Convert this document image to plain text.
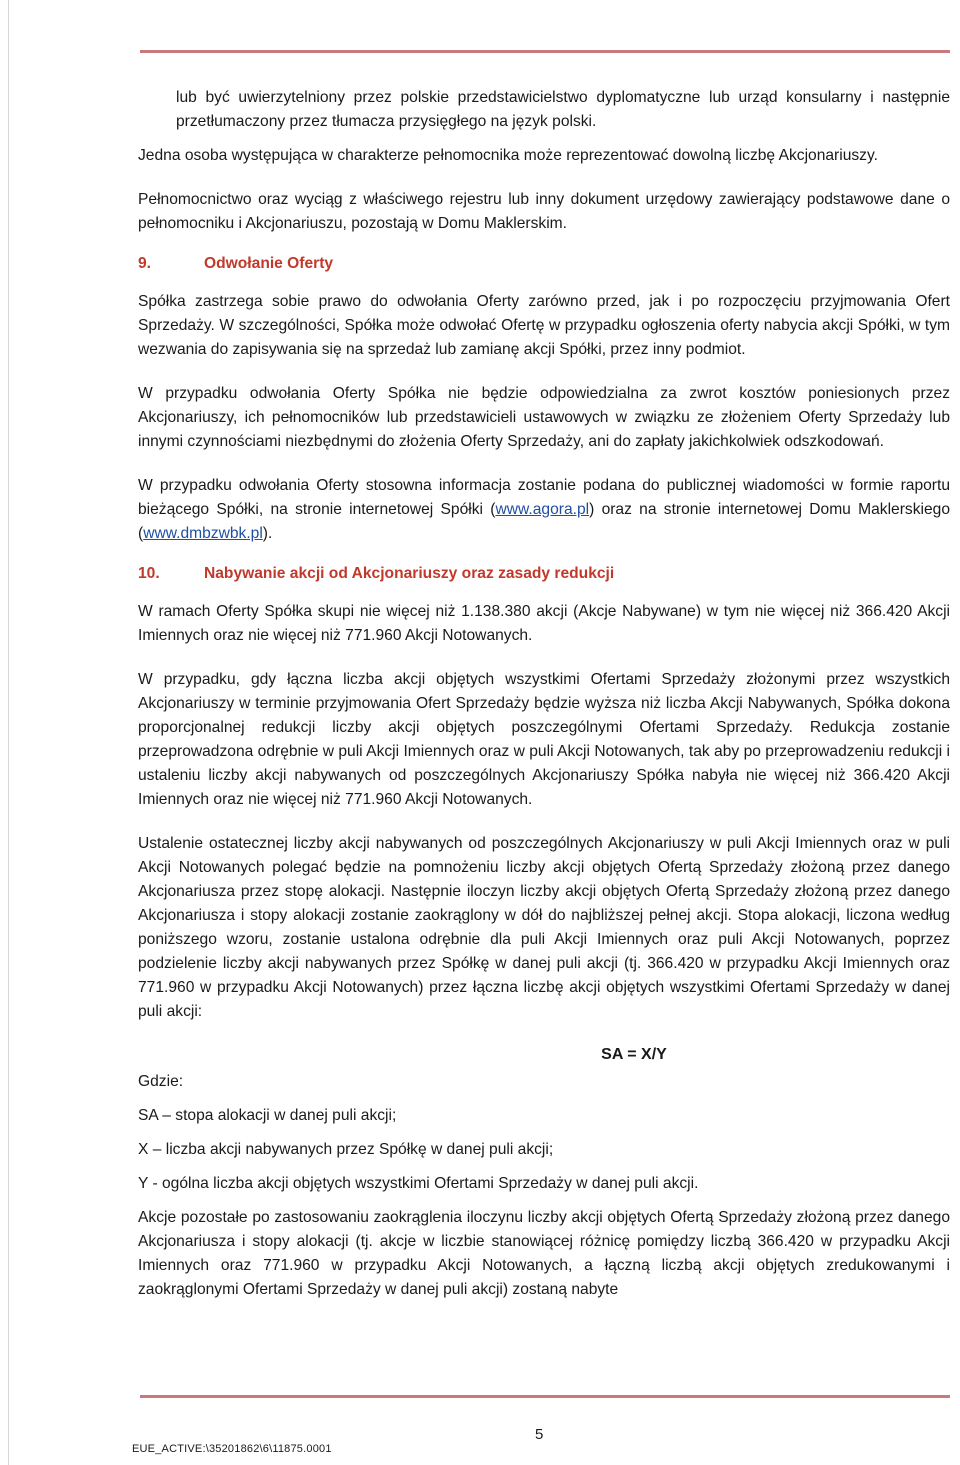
lub być uwierzytelniony przez polskie przedstawicielstwo dyplomatyczne lub urząd konsularny i następnie przetłumaczony przez tłumacza przysięgłego na język polski.

Jedna osoba występująca w charakterze pełnomocnika może reprezentować dowolną liczbę Akcjonariuszy.

Pełnomocnictwo oraz wyciąg z właściwego rejestru lub inny dokument urzędowy zawierający podstawowe dane o pełnomocniku i Akcjonariuszu, pozostają w Domu Maklerskim.

9.	Odwołanie Oferty

Spółka zastrzega sobie prawo do odwołania Oferty zarówno przed, jak i po rozpoczęciu przyjmowania Ofert Sprzedaży. W szczególności, Spółka może odwołać Ofertę w przypadku ogłoszenia oferty nabycia akcji Spółki, w tym wezwania do zapisywania się na sprzedaż lub zamianę akcji Spółki, przez inny podmiot.

W przypadku odwołania Oferty Spółka nie będzie odpowiedzialna za zwrot kosztów poniesionych przez Akcjonariuszy, ich pełnomocników lub przedstawicieli ustawowych w związku ze złożeniem Oferty Sprzedaży lub innymi czynnościami niezbędnymi do złożenia Oferty Sprzedaży, ani do zapłaty jakichkolwiek odszkodowań.

W przypadku odwołania Oferty stosowna informacja zostanie podana do publicznej wiadomości w formie raportu bieżącego Spółki, na stronie internetowej Spółki (www.agora.pl) oraz na stronie internetowej Domu Maklerskiego (www.dmbzwbk.pl).

10.	Nabywanie akcji od Akcjonariuszy oraz zasady redukcji

W ramach Oferty Spółka skupi nie więcej niż 1.138.380 akcji (Akcje Nabywane) w tym nie więcej niż 366.420 Akcji Imiennych oraz nie więcej niż 771.960 Akcji Notowanych.

W przypadku, gdy łączna liczba akcji objętych wszystkimi Ofertami Sprzedaży złożonymi przez wszystkich Akcjonariuszy w terminie przyjmowania Ofert Sprzedaży będzie wyższa niż liczba Akcji Nabywanych, Spółka dokona proporcjonalnej redukcji liczby akcji objętych poszczególnymi Ofertami Sprzedaży. Redukcja zostanie przeprowadzona odrębnie w puli Akcji Imiennych oraz w puli Akcji Notowanych, tak aby po przeprowadzeniu redukcji i ustaleniu liczby akcji nabywanych od poszczególnych Akcjonariuszy Spółka nabyła nie więcej niż 366.420 Akcji Imiennych oraz nie więcej niż 771.960 Akcji Notowanych.

Ustalenie ostatecznej liczby akcji nabywanych od poszczególnych Akcjonariuszy w puli Akcji Imiennych oraz w puli Akcji Notowanych polegać będzie na pomnożeniu liczby akcji objętych Ofertą Sprzedaży złożoną przez danego Akcjonariusza przez stopę alokacji. Następnie iloczyn liczby akcji objętych Ofertą Sprzedaży złożoną przez danego Akcjonariusza i stopy alokacji zostanie zaokrąglony w dół do najbliższej pełnej akcji. Stopa alokacji, liczona według poniższego wzoru, zostanie ustalona odrębnie dla puli Akcji Imiennych oraz puli Akcji Notowanych, poprzez podzielenie liczby akcji nabywanych przez Spółkę w danej puli akcji (tj. 366.420 w przypadku Akcji Imiennych oraz 771.960 w przypadku Akcji Notowanych) przez łączna liczbę akcji objętych wszystkimi Ofertami Sprzedaży w danej puli akcji:

SA = X/Y

Gdzie:

SA – stopa alokacji w danej puli akcji;

X – liczba akcji nabywanych przez Spółkę w danej puli akcji;

Y - ogólna liczba akcji objętych wszystkimi Ofertami Sprzedaży w danej puli akcji.

Akcje pozostałe po zastosowaniu zaokrąglenia iloczynu liczby akcji objętych Ofertą Sprzedaży złożoną przez danego Akcjonariusza i stopy alokacji (tj. akcje w liczbie stanowiącej różnicę pomiędzy liczbą 366.420 w przypadku Akcji Imiennych oraz 771.960 w przypadku Akcji Notowanych, a łączną liczbą akcji objętych zredukowanymi i zaokrąglonymi Ofertami Sprzedaży w danej puli akcji) zostaną nabyte

5
EUE_ACTIVE:\35201862\6\11875.0001
